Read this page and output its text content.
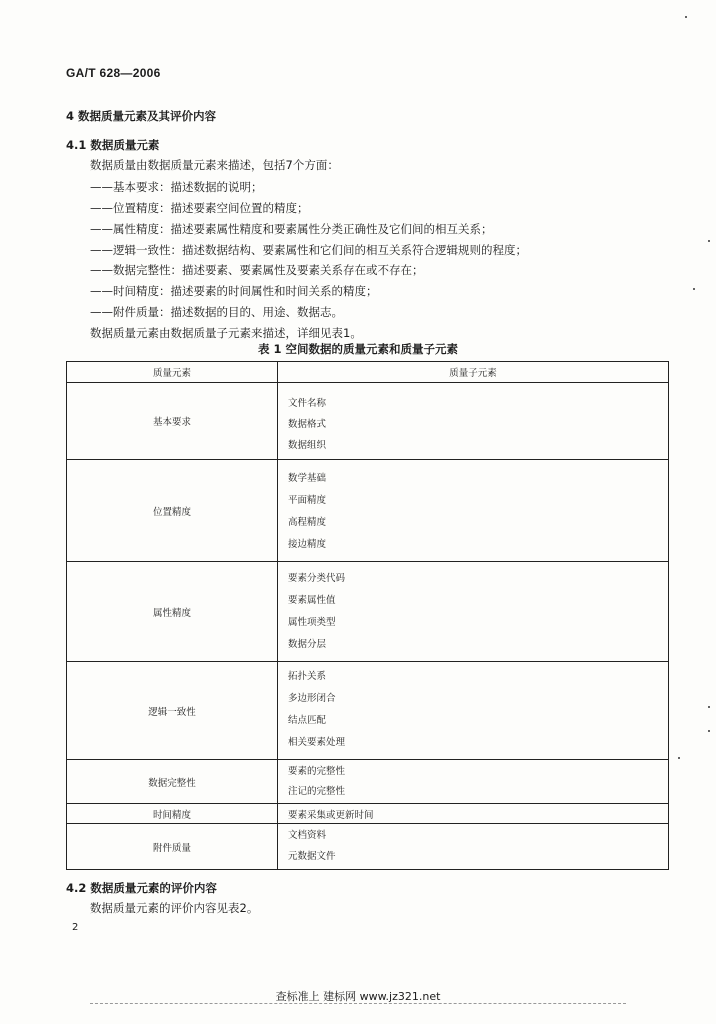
GA/T 628—2006
4 数据质量元素及其评价内容
4.1 数据质量元素
数据质量由数据质量元素来描述，包括7个方面：
——基本要求：描述数据的说明；
——位置精度：描述要素空间位置的精度；
——属性精度：描述要素属性精度和要素属性分类正确性及它们间的相互关系；
——逻辑一致性：描述数据结构、要素属性和它们间的相互关系符合逻辑规则的程度；
——数据完整性：描述要素、要素属性及要素关系存在或不存在；
——时间精度：描述要素的时间属性和时间关系的精度；
——附件质量：描述数据的目的、用途、数据志。
数据质量元素由数据质量子元素来描述，详细见表1。
表 1 空间数据的质量元素和质量子元素
质量元素	质量子元素
基本要求	文件名称
数据格式
数据组织

位置精度	数学基础
平面精度
高程精度
接边精度

属性精度	要素分类代码
要素属性值
属性项类型
数据分层

逻辑一致性	拓扑关系
多边形闭合
结点匹配
相关要素处理

数据完整性	要素的完整性
注记的完整性

时间精度	要素采集或更新时间

附件质量	文档资料
元数据文件
4.2 数据质量元素的评价内容
数据质量元素的评价内容见表2。
2
查标准上 建标网 www.jz321.net
